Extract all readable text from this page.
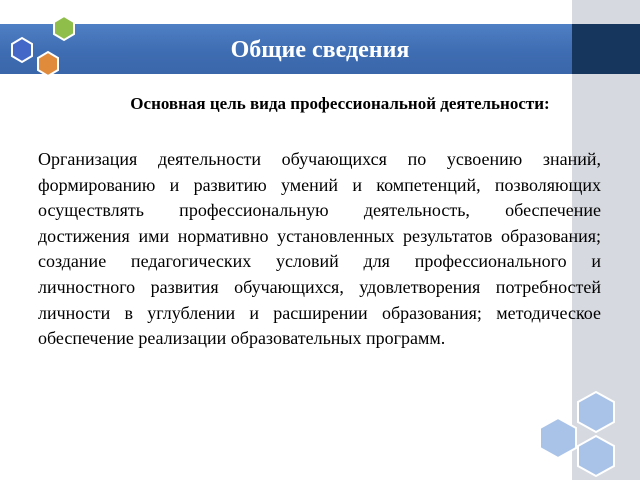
Общие сведения
Основная цель вида профессиональной деятельности:

Организация деятельности обучающихся по усвоению знаний, формированию и развитию умений и компетенций, позволяющих осуществлять профессиональную деятельность, обеспечение достижения ими нормативно установленных результатов образования; создание педагогических условий для профессионального и личностного развития обучающихся, удовлетворения потребностей личности в углублении и расширении образования; методическое обеспечение реализации образовательных программ.
